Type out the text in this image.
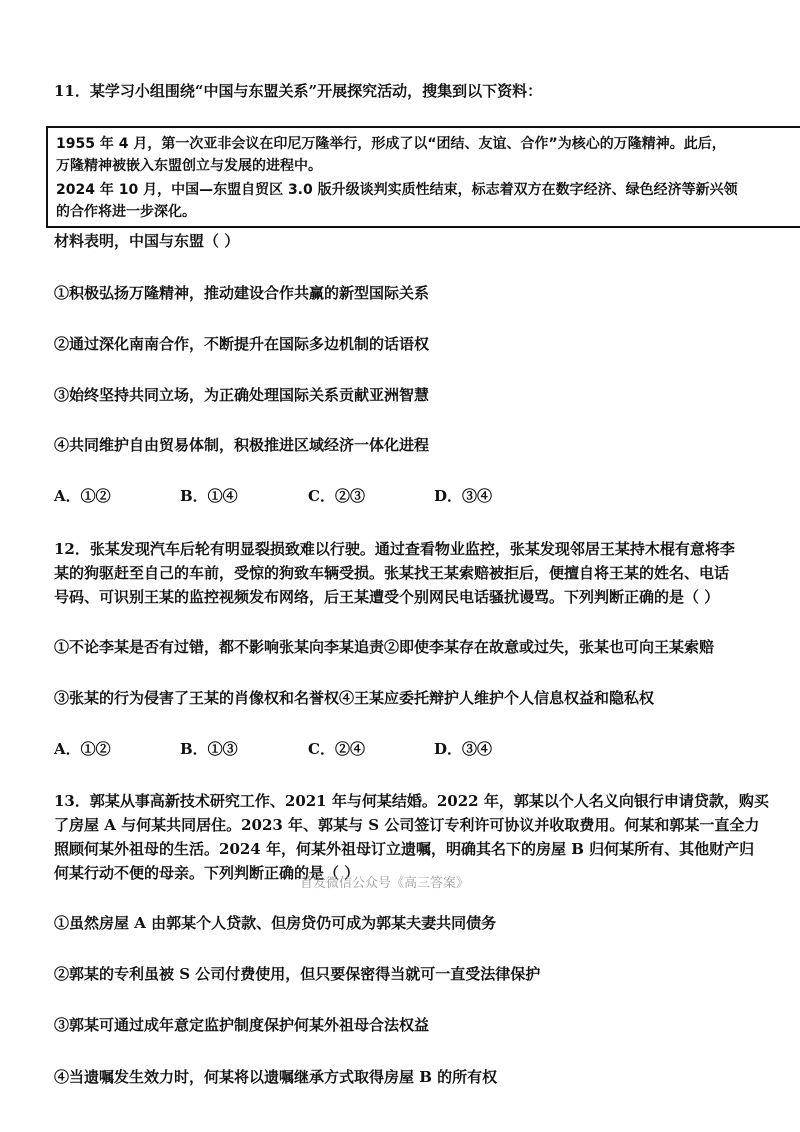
11．某学习小组围绕“中国与东盟关系”开展探究活动，搜集到以下资料：
1955 年 4 月，第一次亚非会议在印尼万隆举行，形成了以“团结、友谊、合作”为核心的万隆精神。此后，
万隆精神被嵌入东盟创立与发展的进程中。
2024 年 10 月，中国—东盟自贸区 3.0 版升级谈判实质性结束，标志着双方在数字经济、绿色经济等新兴领
的合作将进一步深化。
材料表明，中国与东盟（ ）
①积极弘扬万隆精神，推动建设合作共赢的新型国际关系
②通过深化南南合作，不断提升在国际多边机制的话语权
③始终坚持共同立场，为正确处理国际关系贡献亚洲智慧
④共同维护自由贸易体制，积极推进区域经济一体化进程
A．①②	B．①④	C．②③	D．③④
12．张某发现汽车后轮有明显裂损致难以行驶。通过查看物业监控，张某发现邻居王某持木棍有意将李
某的狗驱赶至自己的车前，受惊的狗致车辆受损。张某找王某索赔被拒后，便擅自将王某的姓名、电话
号码、可识别王某的监控视频发布网络，后王某遭受个别网民电话骚扰谩骂。下列判断正确的是（ ）
①不论李某是否有过错，都不影响张某向李某追责②即使李某存在故意或过失，张某也可向王某索赔
③张某的行为侵害了王某的肖像权和名誉权④王某应委托辩护人维护个人信息权益和隐私权
A．①②	B．①③	C．②④	D．③④
13．郭某从事高新技术研究工作、2021 年与何某结婚。2022 年，郭某以个人名义向银行申请贷款，购买
了房屋 A 与何某共同居住。2023 年、郭某与 S 公司签订专利许可协议并收取费用。何某和郭某一直全力
照顾何某外祖母的生活。2024 年，何某外祖母订立遗嘱，明确其名下的房屋 B 归何某所有、其他财产归
何某行动不便的母亲。下列判断正确的是（ ）
首发微信公众号《高三答案》
①虽然房屋 A 由郭某个人贷款、但房贷仍可成为郭某夫妻共同债务
②郭某的专利虽被 S 公司付费使用，但只要保密得当就可一直受法律保护
③郭某可通过成年意定监护制度保护何某外祖母合法权益
④当遗嘱发生效力时，何某将以遗嘱继承方式取得房屋 B 的所有权
